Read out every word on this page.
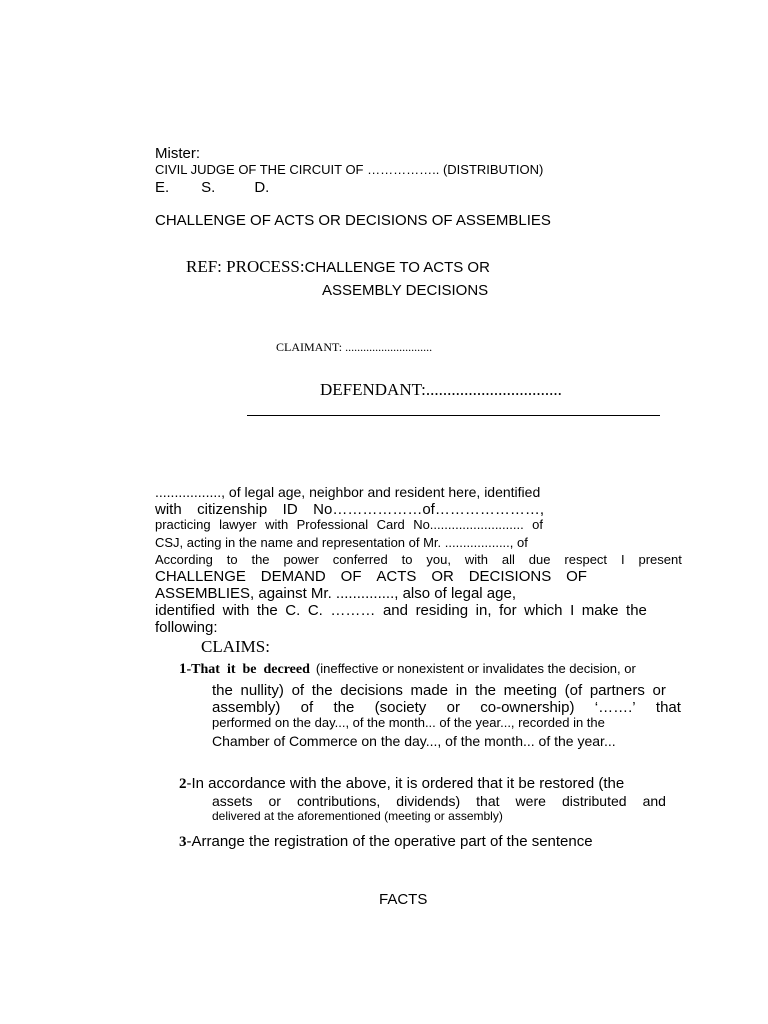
Mister:

CIVIL JUDGE OF THE CIRCUIT OF …………….. (DISTRIBUTION)

E. S.	D.

CHALLENGE OF ACTS OR DECISIONS OF ASSEMBLIES

REF: PROCESS:CHALLENGE TO ACTS OR

ASSEMBLY DECISIONS

CLAIMANT: .............................

DEFENDANT:................................

................., of legal age, neighbor and resident here, identified

with citizenship ID No………………of…………………,

practicing lawyer with Professional Card No.......................... of

CSJ, acting in the name and representation of Mr. .................., of

According to the power conferred to you, with all due respect I present

CHALLENGE DEMAND OF ACTS OR DECISIONS OF

ASSEMBLIES, against Mr. .............., also of legal age,

identified with the C. C. ……… and residing in, for which I make the

following:

CLAIMS:

1-That  it  be  decreed (ineffective or nonexistent or invalidates the decision, or

the nullity) of the decisions made in the meeting (of partners or

assembly) of the (society or co-ownership) ‘…….’ that

performed on the day..., of the month... of the year..., recorded in the

Chamber of Commerce on the day..., of the month... of the year...

2-In accordance with the above, it is ordered that it be restored (the

assets or contributions, dividends) that were distributed and

delivered at the aforementioned (meeting or assembly)

3-Arrange the registration of the operative part of the sentence

FACTS
